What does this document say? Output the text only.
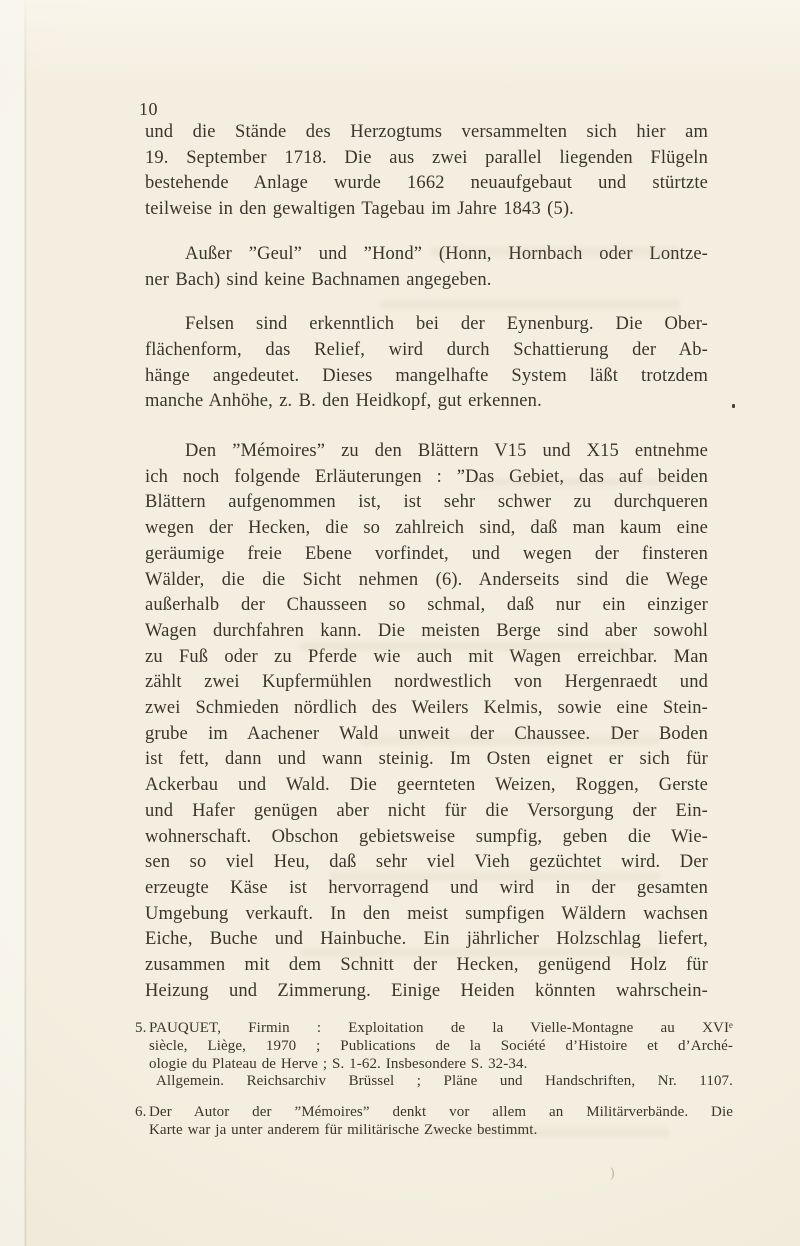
10
und die Stände des Herzogtums versammelten sich hier am
19. September 1718. Die aus zwei parallel liegenden Flügeln
bestehende Anlage wurde 1662 neuaufgebaut und stürtzte
teilweise in den gewaltigen Tagebau im Jahre 1843 (5).
Außer ”Geul” und ”Hond” (Honn, Hornbach oder Lontze-
ner Bach) sind keine Bachnamen angegeben.
Felsen sind erkenntlich bei der Eynenburg. Die Ober-
flächenform, das Relief, wird durch Schattierung der Ab-
hänge angedeutet. Dieses mangelhafte System läßt trotzdem
manche Anhöhe, z. B. den Heidkopf, gut erkennen.
Den ”Mémoires” zu den Blättern V15 und X15 entnehme
ich noch folgende Erläuterungen : ”Das Gebiet, das auf beiden
Blättern aufgenommen ist, ist sehr schwer zu durchqueren
wegen der Hecken, die so zahlreich sind, daß man kaum eine
geräumige freie Ebene vorfindet, und wegen der finsteren
Wälder, die die Sicht nehmen (6). Anderseits sind die Wege
außerhalb der Chausseen so schmal, daß nur ein einziger
Wagen durchfahren kann. Die meisten Berge sind aber sowohl
zu Fuß oder zu Pferde wie auch mit Wagen erreichbar. Man
zählt zwei Kupfermühlen nordwestlich von Hergenraedt und
zwei Schmieden nördlich des Weilers Kelmis, sowie eine Stein-
grube im Aachener Wald unweit der Chaussee. Der Boden
ist fett, dann und wann steinig. Im Osten eignet er sich für
Ackerbau und Wald. Die geernteten Weizen, Roggen, Gerste
und Hafer genügen aber nicht für die Versorgung der Ein-
wohnerschaft. Obschon gebietsweise sumpfig, geben die Wie-
sen so viel Heu, daß sehr viel Vieh gezüchtet wird. Der
erzeugte Käse ist hervorragend und wird in der gesamten
Umgebung verkauft. In den meist sumpfigen Wäldern wachsen
Eiche, Buche und Hainbuche. Ein jährlicher Holzschlag liefert,
zusammen mit dem Schnitt der Hecken, genügend Holz für
Heizung und Zimmerung. Einige Heiden könnten wahrschein-
5. PAUQUET, Firmin : Exploitation de la Vielle-Montagne au XVIᵉ
siècle, Liège, 1970 ; Publications de la Société d’Histoire et d’Arché-
ologie du Plateau de Herve ; S. 1-62. Insbesondere S. 32-34.
Allgemein. Reichsarchiv Brüssel ; Pläne und Handschriften, Nr. 1107.
6. Der Autor der ”Mémoires” denkt vor allem an Militärverbände. Die
Karte war ja unter anderem für militärische Zwecke bestimmt.
)
